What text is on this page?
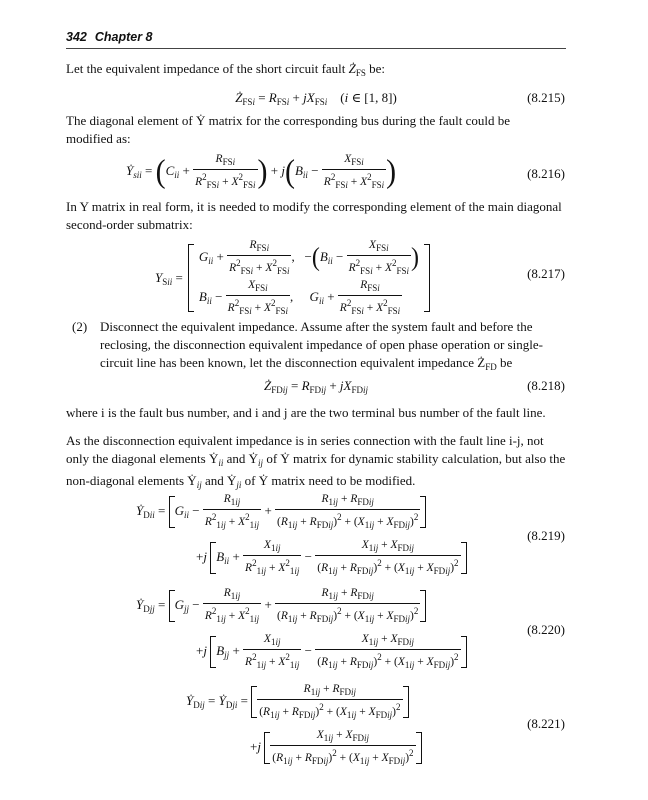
342 Chapter 8
Let the equivalent impedance of the short circuit fault $Ż_{FS}$ be:
$Ż_{FSi} = R_{FSi} + jX_{FSi}$    (i ∈ [1, 8])	(8.215)
The diagonal element of Ẏ matrix for the corresponding bus during the fault could be
modified as:
Ẏ$_{sii}$ = ($C_{ii} + \frac{R_{FSi}}{R^2_{FSi} + X^2_{FSi}}$ ) + $j(B_{ii} - \frac{X_{FSi}}{R^2_{FSi} + X^2_{FSi}}$ )	(8.216)
In Y matrix in real form, it is needed to modify the corresponding element of the main diagonal
second-order submatrix:
$Y_{Sii}$ =		
$G_{ii} + \frac{R_{FSi}}{R^2_{FSi} + X^2_{FSi}}$ ,   $-(B_{ii} - \frac{X_{FSi}}{R^2_{FSi} + X^2_{FSi}}$ )
$B_{ii} - \frac{X_{FSi}}{R^2_{FSi} + X^2_{FSi}}$ ,     $G_{ii} + \frac{R_{FSi}}{R^2_{FSi} + X^2_{FSi}}$

(8.217)
(2) Disconnect the equivalent impedance. Assume after the system fault and before the
reclosing, the disconnection equivalent impedance of open phase operation or single-
circuit line has been known, let the disconnection equivalent impedance $Ż_{FD}$ be
$Ż_{FDij} = R_{FDij} + jX_{FDij}$	(8.218)
where i is the fault bus number, and i and j are the two terminal bus number of the fault line.
As the disconnection equivalent impedance is in series connection with the fault line i-j, not
only the diagonal elements Ẏ$_{ii}$ and Ẏ$_{ij}$ of Ẏ matrix for dynamic stability calculation, but also the
non-diagonal elements Ẏ$_{ij}$ and Ẏ$_{ji}$ of Ẏ matrix need to be modified.
Ẏ$_{Dii}$ = $G_{ii} - \frac{R_{1ij}}{R^2_{1ij} + X^2_{1ij}} + \frac{R_{1ij} + R_{FDij}}{(R_{1ij} + R_{FDij})^2 + (X_{1ij} + X_{FDij})^2}$
+j $B_{ii} + \frac{X_{1ij}}{R^2_{1ij} + X^2_{1ij}} - \frac{X_{1ij} + X_{FDij}}{(R_{1ij} + R_{FDij})^2 + (X_{1ij} + X_{FDij})^2}$
(8.219)
Ẏ$_{Djj}$ = $G_{jj} - \frac{R_{1ij}}{R^2_{1ij} + X^2_{1ij}} + \frac{R_{1ij} + R_{FDij}}{(R_{1ij} + R_{FDij})^2 + (X_{1ij} + X_{FDij})^2}$
+j $B_{jj} + \frac{X_{1ij}}{R^2_{1ij} + X^2_{1ij}} - \frac{X_{1ij} + X_{FDij}}{(R_{1ij} + R_{FDij})^2 + (X_{1ij} + X_{FDij})^2}$
(8.220)
Ẏ$_{Dij}$ = Ẏ$_{Dji}$ = $\frac{R_{1ij} + R_{FDij}}{(R_{1ij} + R_{FDij})^2 + (X_{1ij} + X_{FDij})^2}$
$+j \frac{X_{1ij} + X_{FDij}}{(R_{1ij} + R_{FDij})^2 + (X_{1ij} + X_{FDij})^2}$
(8.221)
